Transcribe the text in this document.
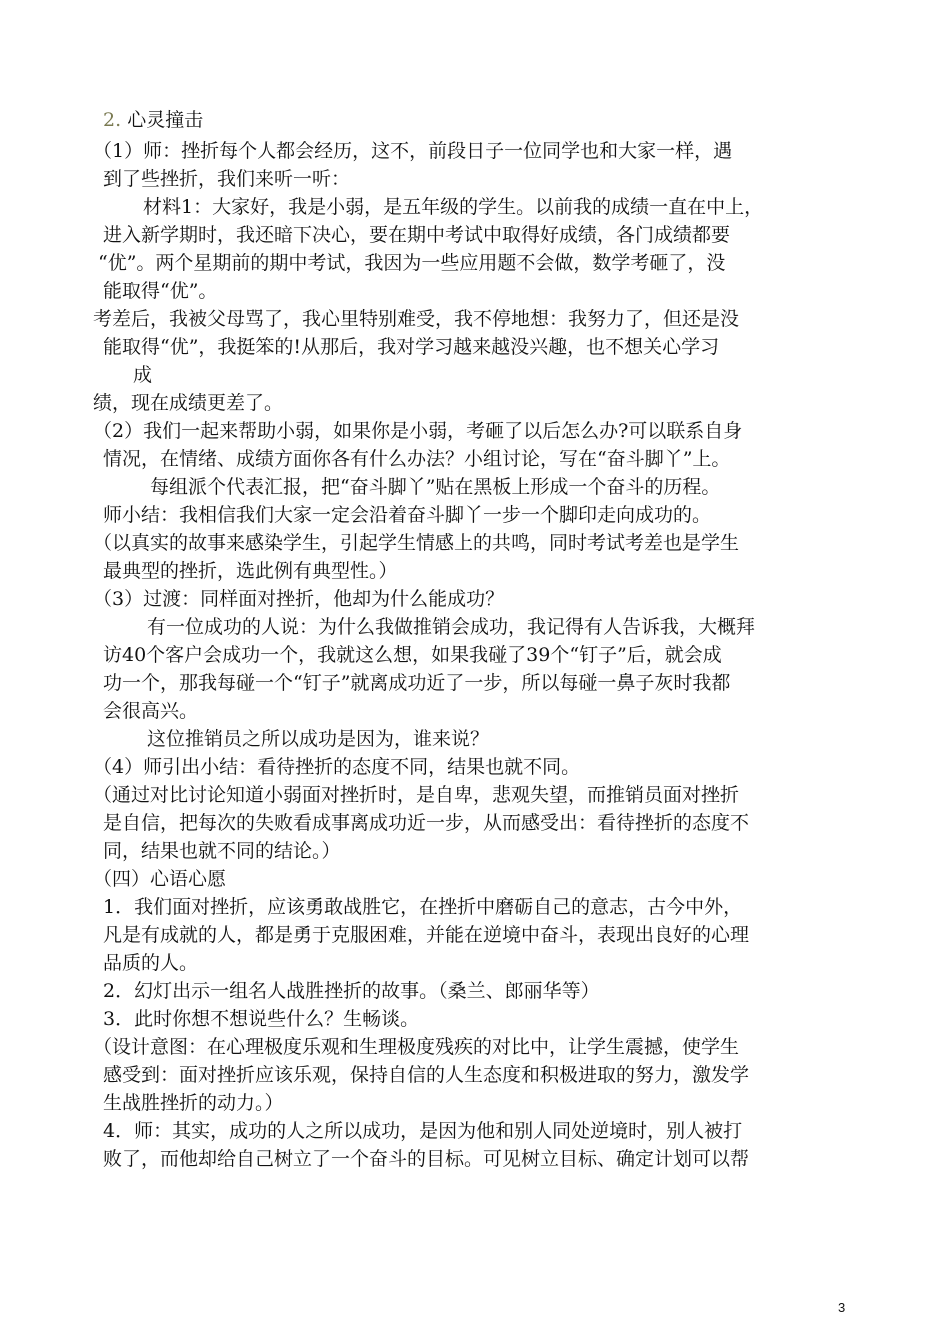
2. 心灵撞击
（1）师：挫折每个人都会经历，这不，前段日子一位同学也和大家一样，遇
到了些挫折，我们来听一听：
材料1：大家好，我是小弱，是五年级的学生。以前我的成绩一直在中上，
进入新学期时，我还暗下决心，要在期中考试中取得好成绩，各门成绩都要
“优”。两个星期前的期中考试，我因为一些应用题不会做，数学考砸了，没
能取得“优”。
考差后，我被父母骂了，我心里特别难受，我不停地想：我努力了，但还是没
能取得“优”，我挺笨的!从那后，我对学习越来越没兴趣，也不想关心学习
成
绩，现在成绩更差了。
（2）我们一起来帮助小弱，如果你是小弱，考砸了以后怎么办?可以联系自身
情况，在情绪、成绩方面你各有什么办法？小组讨论，写在“奋斗脚丫”上。
每组派个代表汇报，把“奋斗脚丫”贴在黑板上形成一个奋斗的历程。
师小结：我相信我们大家一定会沿着奋斗脚丫一步一个脚印走向成功的。
（以真实的故事来感染学生，引起学生情感上的共鸣，同时考试考差也是学生
最典型的挫折，选此例有典型性。）
（3）过渡：同样面对挫折，他却为什么能成功？
有一位成功的人说：为什么我做推销会成功，我记得有人告诉我，大概拜
访40个客户会成功一个，我就这么想，如果我碰了39个“钉子”后，就会成
功一个，那我每碰一个“钉子”就离成功近了一步，所以每碰一鼻子灰时我都
会很高兴。
这位推销员之所以成功是因为，谁来说？
（4）师引出小结：看待挫折的态度不同，结果也就不同。
（通过对比讨论知道小弱面对挫折时，是自卑，悲观失望，而推销员面对挫折
是自信，把每次的失败看成事离成功近一步，从而感受出：看待挫折的态度不
同，结果也就不同的结论。）
（四）心语心愿
1．我们面对挫折，应该勇敢战胜它，在挫折中磨砺自己的意志，古今中外，
凡是有成就的人，都是勇于克服困难，并能在逆境中奋斗，表现出良好的心理
品质的人。
2．幻灯出示一组名人战胜挫折的故事。（桑兰、郎丽华等）
3．此时你想不想说些什么？生畅谈。
（设计意图：在心理极度乐观和生理极度残疾的对比中，让学生震撼，使学生
感受到：面对挫折应该乐观，保持自信的人生态度和积极进取的努力，激发学
生战胜挫折的动力。）
4．师：其实，成功的人之所以成功，是因为他和别人同处逆境时，别人被打
败了，而他却给自己树立了一个奋斗的目标。可见树立目标、确定计划可以帮
3
